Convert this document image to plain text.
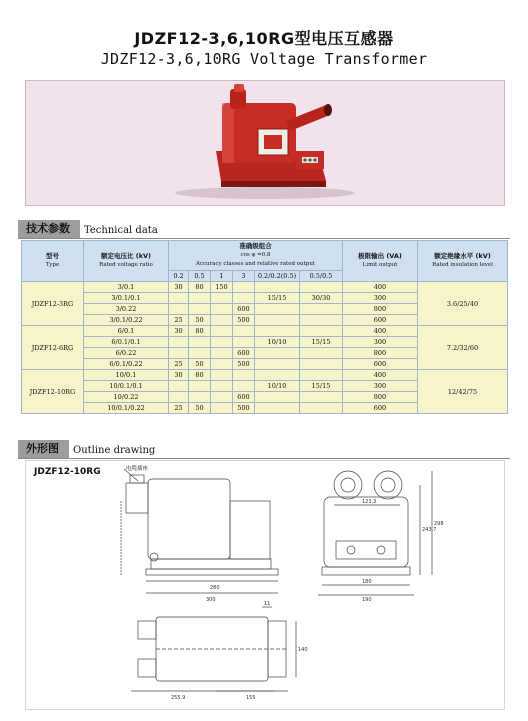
JDZF12-3,6,10RG型电压互感器
JDZF12-3,6,10RG Voltage Transformer
技术参数	Technical data
型号
Type	额定电压比 (kV)
Rated voltage ratio	准确级组合
cos φ =0.8
Accuracy classes and relative rated output						极限输出 (VA)
Limit output	额定绝缘水平 (kV)
Rated insulation level

		0.2	0.5	1	3	0.2/0.2(0.5)	0.5/0.5		
JDZF12-3RG	3/0.1	30	80	150				400	3.6/25/40
	3/0.1/0.1					15/15	30/30	300	
	3/0.22				600			800	
	3/0.1/0.22	25	50		500			600	
JDZF12-6RG	6/0.1	30	80					400	7.2/32/60
	6/0.1/0.1					10/10	15/15	300	
	6/0.22				600			800	
	6/0.1/0.22	25	50		500			600	
JDZF12-10RG	10/0.1	30	80					400	12/42/75
	10/0.1/0.1					10/10	15/15	300	
	10/0.22				600			800	
	10/0.1/0.22	25	50		500			600	
外形图	Outline drawing
JDZF12-10RG	电缆插座
280
300
123.3
243.7
298
180
190
11
140
255.9	155
